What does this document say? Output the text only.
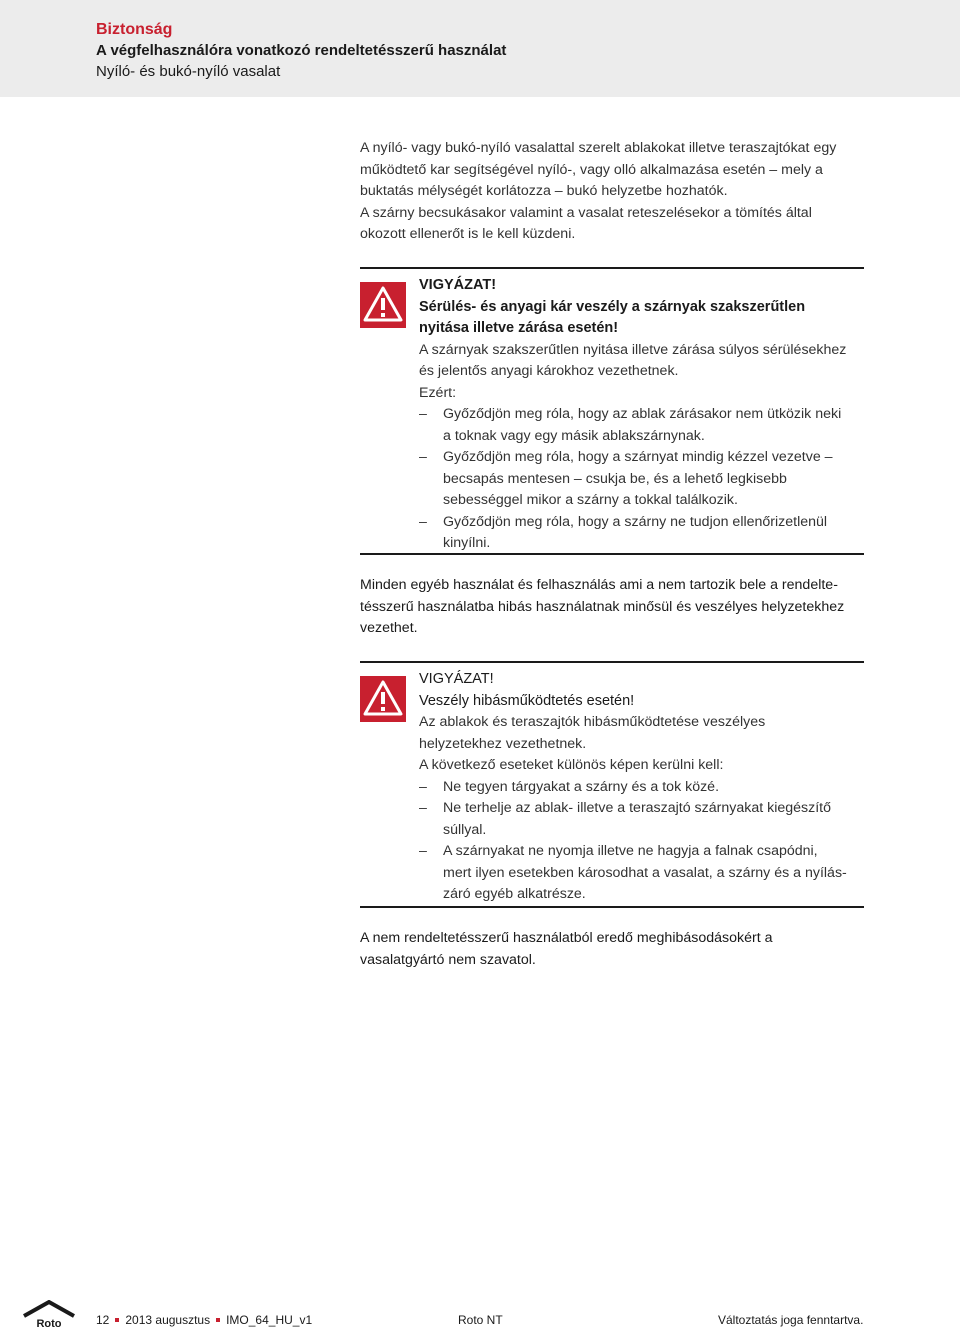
Biztonság
A végfelhasználóra vonatkozó rendeltetésszerű használat
Nyíló- és bukó-nyíló vasalat

A nyíló- vagy bukó-nyíló vasalattal szerelt ablakokat illetve teraszajtókat egy

működtető kar segítségével nyíló-, vagy olló alkalmazása esetén – mely a

buktatás mélységét korlátozza – bukó helyzetbe hozhatók.

A szárny becsukásakor valamint a vasalat reteszelésekor a tömítés által

okozott ellenerőt is le kell küzdeni.

VIGYÁZAT!
Sérülés- és anyagi kár veszély a szárnyak szakszerűtlen
nyitása illetve zárása esetén!
A szárnyak szakszerűtlen nyitása illetve zárása súlyos sérülésekhez
és jelentős anyagi károkhoz vezethetnek.
Ezért:
– Győződjön meg róla, hogy az ablak zárásakor nem ütközik neki
a toknak vagy egy másik ablakszárnynak.
– Győződjön meg róla, hogy a szárnyat mindig kézzel vezetve –
becsapás mentesen – csukja be, és a lehető legkisebb
sebességgel mikor a szárny a tokkal találkozik.
– Győződjön meg róla, hogy a szárny ne tudjon ellenőrizetlenül
kinyílni.

Minden egyéb használat és felhasználás ami a nem tartozik bele a rendelte-

tésszerű használatba hibás használatnak minősül és veszélyes helyzetekhez

vezethet.

VIGYÁZAT!
Veszély hibásműködtetés esetén!
Az ablakok és teraszajtók hibásműködtetése veszélyes
helyzetekhez vezethetnek.
A következő eseteket különös képen kerülni kell:
– Ne tegyen tárgyakat a szárny és a tok közé.
– Ne terhelje az ablak- illetve a teraszajtó szárnyakat kiegészítő
súllyal.
– A szárnyakat ne nyomja illetve ne hagyja a falnak csapódni,
mert ilyen esetekben károsodhat a vasalat, a szárny és a nyílás-
záró egyéb alkatrésze.

A nem rendeltetésszerű használatból eredő meghibásodásokért a

vasalatgyártó nem szavatol.

Roto	12 2013 augusztus IMO_64_HU_v1	Roto NT	Változtatás joga fenntartva.
